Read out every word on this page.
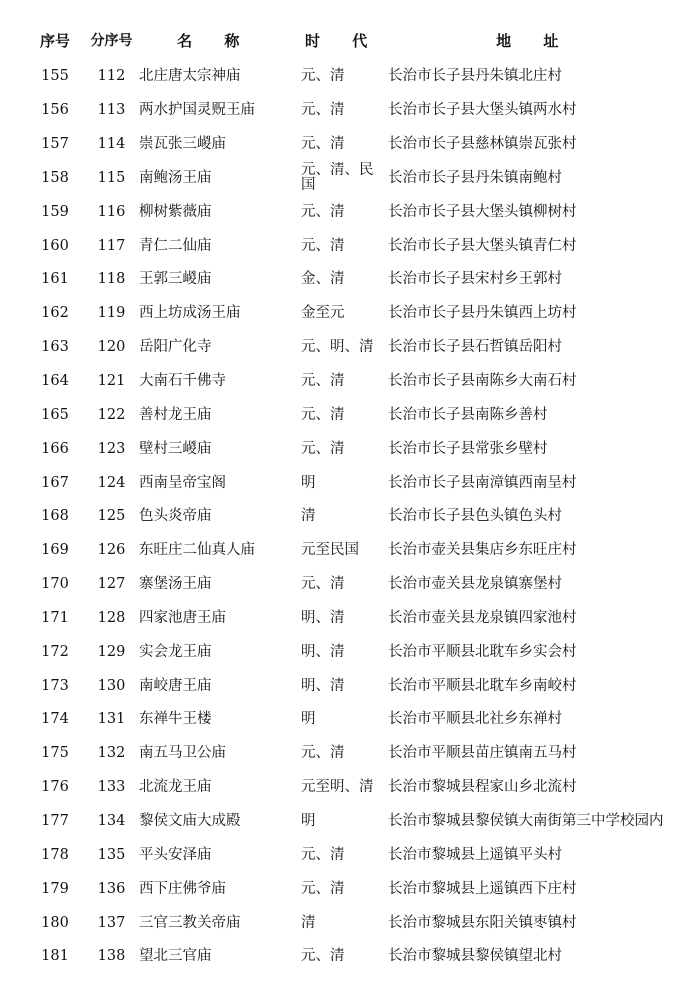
序号	分序号	名 称	时 代	地 址
155	112	北庄唐太宗神庙	元、清	长治市长子县丹朱镇北庄村
156	113	两水护国灵贶王庙	元、清	长治市长子县大堡头镇两水村
157	114	崇瓦张三嵕庙	元、清	长治市长子县慈林镇崇瓦张村
158	115	南鲍汤王庙	元、清、民国	长治市长子县丹朱镇南鲍村
159	116	柳树紫薇庙	元、清	长治市长子县大堡头镇柳树村
160	117	青仁二仙庙	元、清	长治市长子县大堡头镇青仁村
161	118	王郭三嵕庙	金、清	长治市长子县宋村乡王郭村
162	119	西上坊成汤王庙	金至元	长治市长子县丹朱镇西上坊村
163	120	岳阳广化寺	元、明、清	长治市长子县石哲镇岳阳村
164	121	大南石千佛寺	元、清	长治市长子县南陈乡大南石村
165	122	善村龙王庙	元、清	长治市长子县南陈乡善村
166	123	壁村三嵕庙	元、清	长治市长子县常张乡壁村
167	124	西南呈帝宝阁	明	长治市长子县南漳镇西南呈村
168	125	色头炎帝庙	清	长治市长子县色头镇色头村
169	126	东旺庄二仙真人庙	元至民国	长治市壶关县集店乡东旺庄村
170	127	寨堡汤王庙	元、清	长治市壶关县龙泉镇寨堡村
171	128	四家池唐王庙	明、清	长治市壶关县龙泉镇四家池村
172	129	实会龙王庙	明、清	长治市平顺县北耽车乡实会村
173	130	南峧唐王庙	明、清	长治市平顺县北耽车乡南峧村
174	131	东禅牛王楼	明	长治市平顺县北社乡东禅村
175	132	南五马卫公庙	元、清	长治市平顺县苗庄镇南五马村
176	133	北流龙王庙	元至明、清	长治市黎城县程家山乡北流村
177	134	黎侯文庙大成殿	明	长治市黎城县黎侯镇大南街第三中学校园内
178	135	平头安泽庙	元、清	长治市黎城县上遥镇平头村
179	136	西下庄佛爷庙	元、清	长治市黎城县上遥镇西下庄村
180	137	三官三教关帝庙	清	长治市黎城县东阳关镇枣镇村
181	138	望北三官庙	元、清	长治市黎城县黎侯镇望北村
